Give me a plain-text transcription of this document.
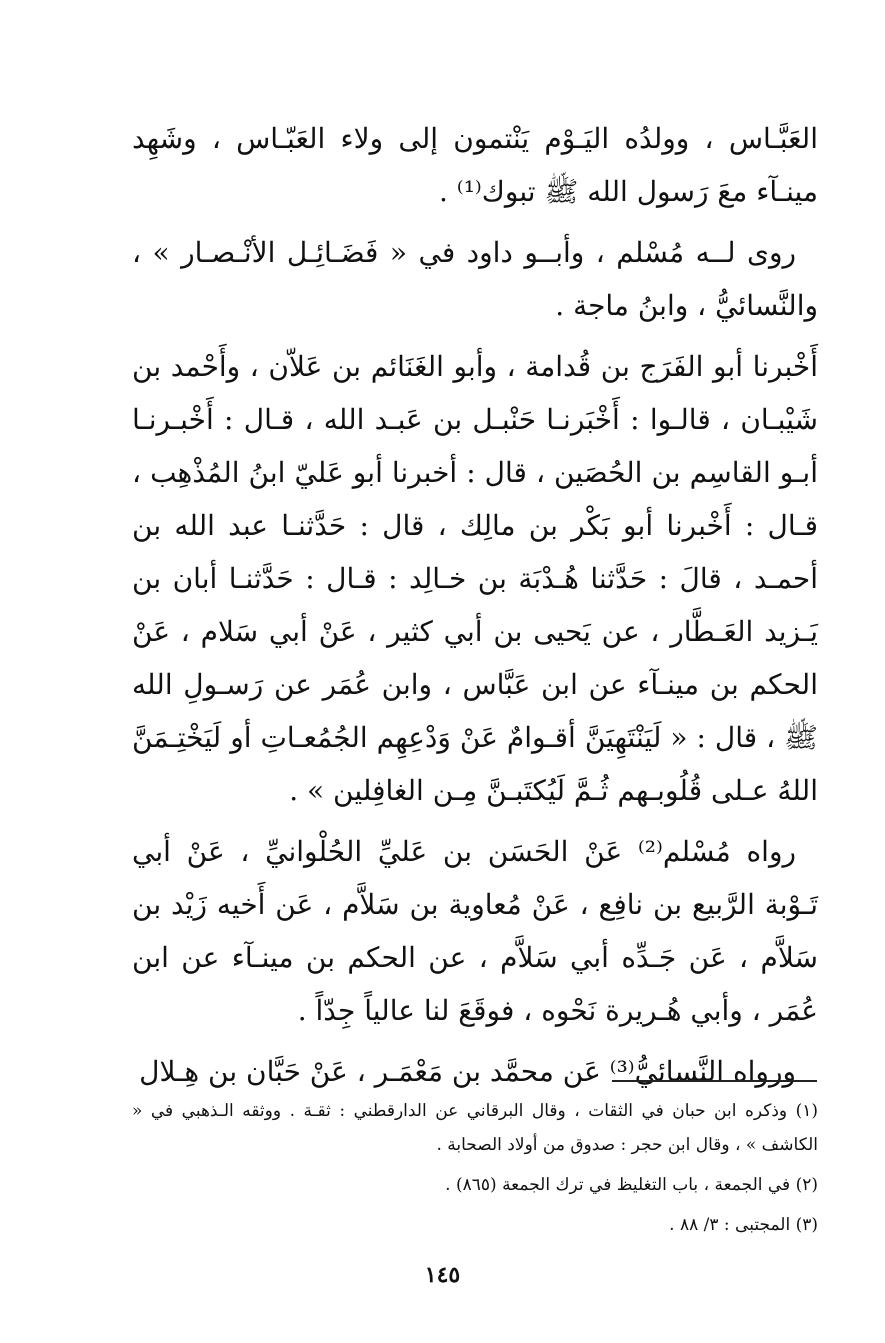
العَبَّـاس ، وولدُه اليَـوْم يَنْتمون إلى ولاء العَبّـاس ، وشَهِد مينـآء معَ رَسول الله ﷺ تبوك⁽¹⁾ .

روى لــه مُسْلم ، وأبــو داود في « فَضَـائِـل الأنْـصـار » ، والنَّسائيُّ ، وابنُ ماجة .

أَخْبرنا أبو الفَرَج بن قُدامة ، وأبو الغَنَائم بن عَلاّن ، وأَحْمد بن شَيْبـان ، قالـوا : أَخْبَرنـا حَنْبـل بن عَبـد الله ، قـال : أَخْبـرنـا أبـو القاسِم بن الحُصَين ، قال : أخبرنا أبو عَليّ ابنُ المُذْهِب ، قـال : أَخْبرنا أبو بَكْر بن مالِك ، قال : حَدَّثنـا عبد الله بن أحمـد ، قالَ : حَدَّثنا هُـدْبَة بن خـالِد : قـال : حَدَّثنـا أبان بن يَـزيد العَـطَّار ، عن يَحيى بن أبي كثير ، عَنْ أبي سَلام ، عَنْ الحكم بن مينـآء عن ابن عَبَّاس ، وابن عُمَر عن رَسـولِ الله ﷺ ، قال : « لَيَنْتَهِيَنَّ أقـوامٌ عَنْ وَدْعِهِم الجُمُعـاتِ أو لَيَخْتِـمَنَّ اللهُ عـلى قُلُوبـهم ثُـمَّ لَيُكتَبـنَّ مِـن الغافِلين » .

رواه مُسْلم⁽²⁾ عَنْ الحَسَن بن عَليِّ الحُلْوانيِّ ، عَنْ أبي تَـوْبة الرَّبيع بن نافِع ، عَنْ مُعاوية بن سَلاَّم ، عَن أَخيه زَيْد بن سَلاَّم ، عَن جَـدِّه أبي سَلاَّم ، عن الحكم بن مينـآء عن ابن عُمَر ، وأبي هُـريرة نَحْوه ، فوقَعَ لنا عالياً جِدّاً .

ورواه النَّسائيُّ⁽³⁾ عَن محمَّد بن مَعْمَـر ، عَنْ حَبَّان بن هِـلال

(١) وذكره ابن حبان في الثقات ، وقال البرقاني عن الدارقطني : ثقـة . ووثقه الـذهبي في « الكاشف » ، وقال ابن حجر : صدوق من أولاد الصحابة .

(٢) في الجمعة ، باب التغليظ في ترك الجمعة (٨٦٥) .

(٣) المجتبى : ٣/ ٨٨ .

١٤٥
